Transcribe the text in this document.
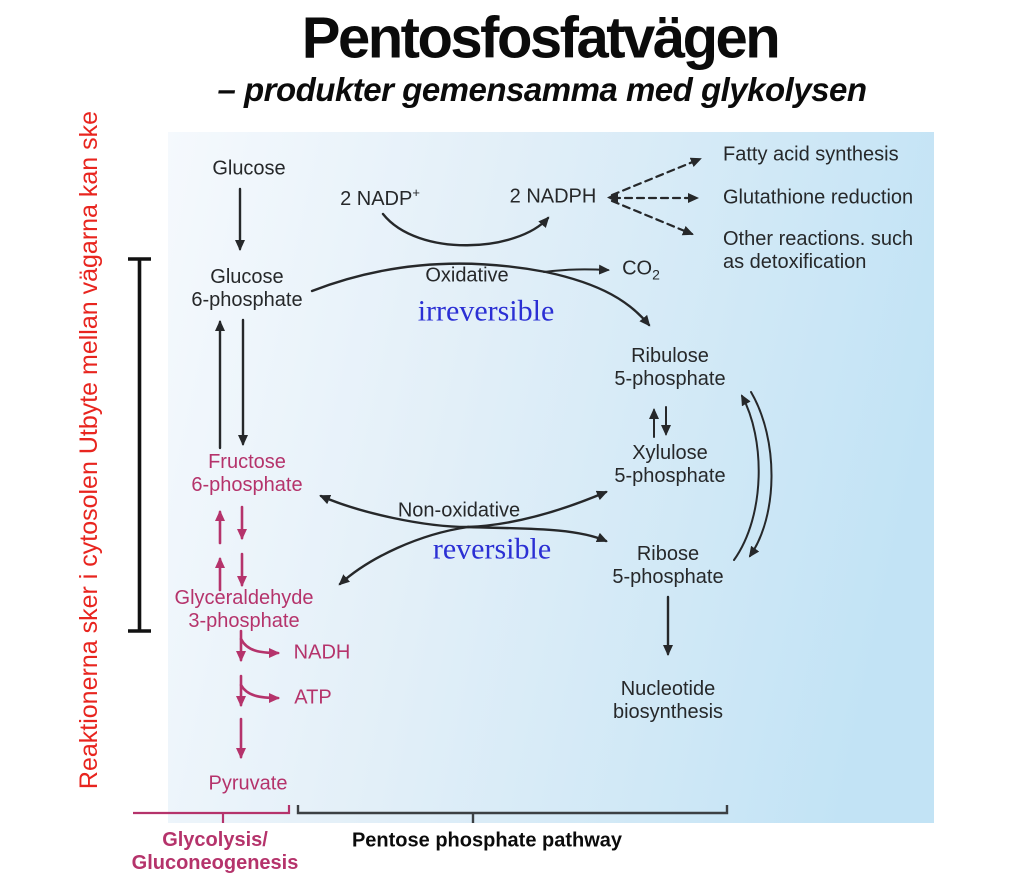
Pentosfosfatvägen
– produkter gemensamma med glykolysen
Reaktionerna sker i cytosolen Utbyte mellan vägarna kan ske	Glucose
Glucose
6-phosphate
Fructose
6-phosphate
Glyceraldehyde
3-phosphate
NADH
ATP
Pyruvate
2 NADP+	2 NADPH
Oxidative
irreversible
$CO_2$
Fatty acid synthesis
Glutathione reduction
Other reactions. such
as detoxification
Non-oxidative
reversible
Ribulose
5-phosphate
Xylulose
5-phosphate
Ribose
5-phosphate
Nucleotide
biosynthesis
Glycolysis/
Gluconeogenesis
Pentose phosphate pathway
